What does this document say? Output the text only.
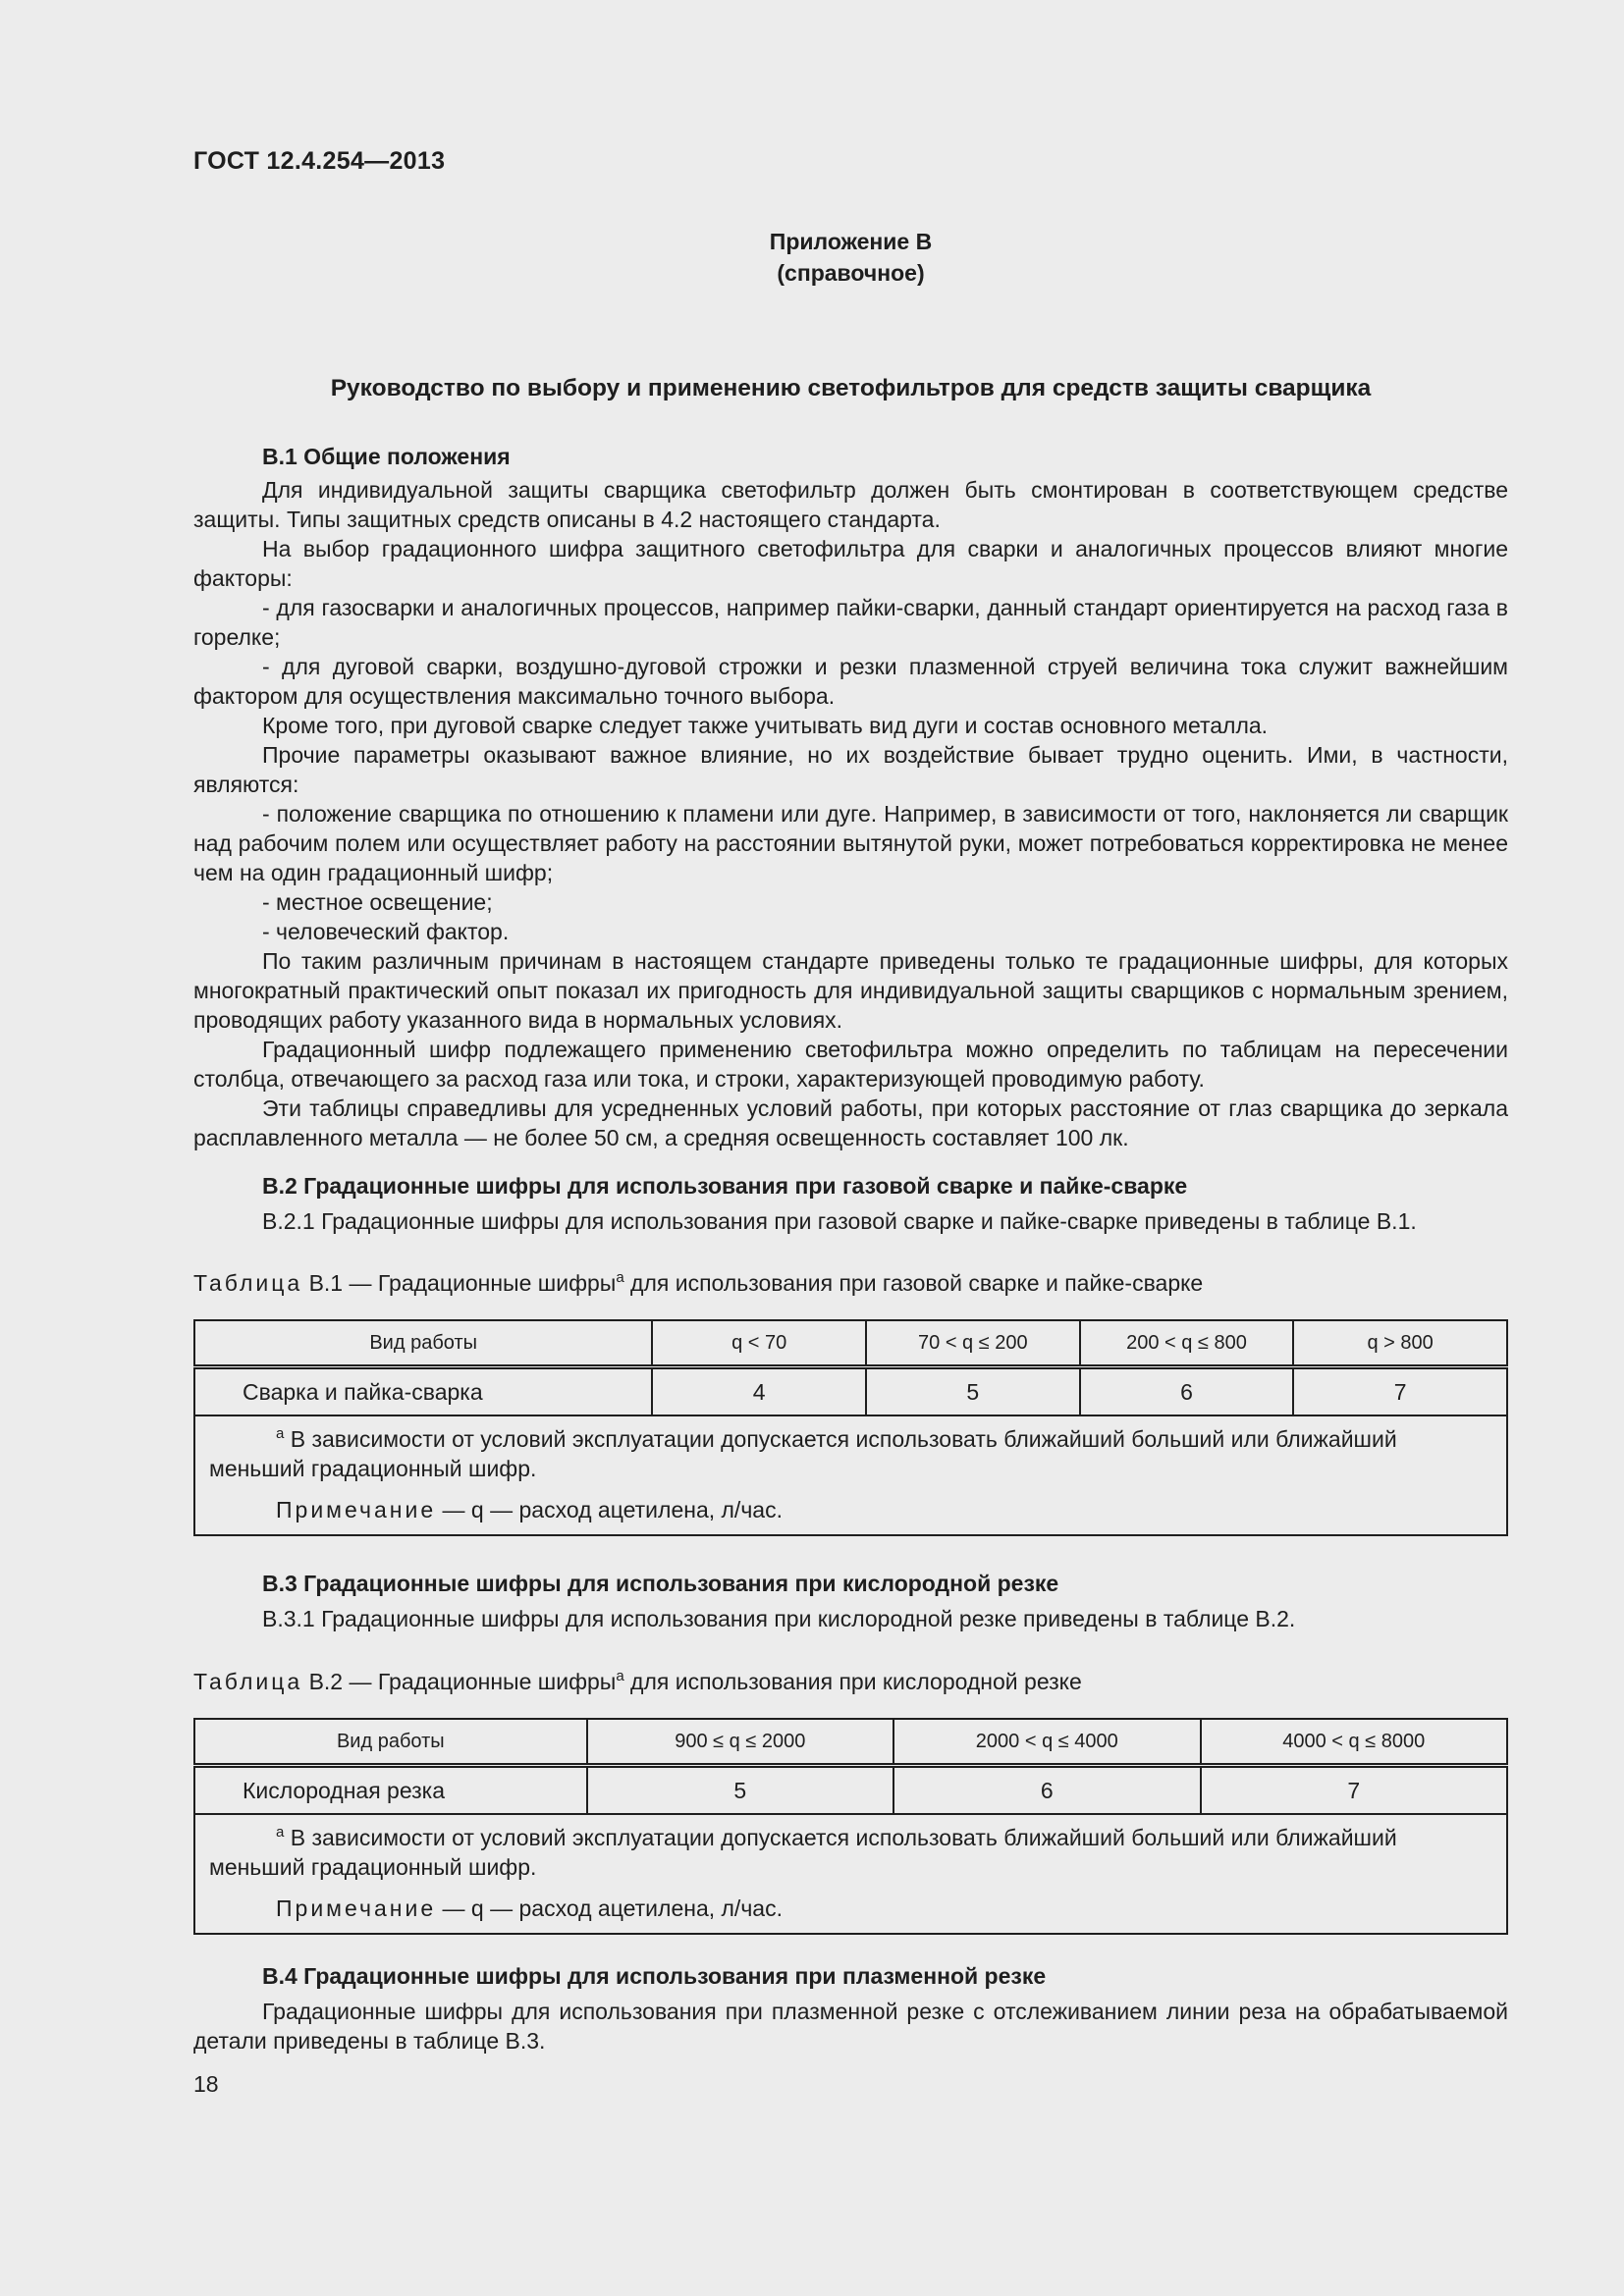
ГОСТ 12.4.254—2013
Приложение В
(справочное)
Руководство по выбору и применению светофильтров для средств защиты сварщика
В.1 Общие положения

Для индивидуальной защиты сварщика светофильтр должен быть смонтирован в соответствующем средстве защиты. Типы защитных средств описаны в 4.2 настоящего стандарта.

На выбор градационного шифра защитного светофильтра для сварки и аналогичных процессов влияют многие факторы:

- для газосварки и аналогичных процессов, например пайки-сварки, данный стандарт ориентируется на расход газа в горелке;

- для дуговой сварки, воздушно-дуговой строжки и резки плазменной струей величина тока служит важнейшим фактором для осуществления максимально точного выбора.

Кроме того, при дуговой сварке следует также учитывать вид дуги и состав основного металла.

Прочие параметры оказывают важное влияние, но их воздействие бывает трудно оценить. Ими, в частности, являются:

- положение сварщика по отношению к пламени или дуге. Например, в зависимости от того, наклоняется ли сварщик над рабочим полем или осуществляет работу на расстоянии вытянутой руки, может потребоваться корректировка не менее чем на один градационный шифр;

- местное освещение;

- человеческий фактор.

По таким различным причинам в настоящем стандарте приведены только те градационные шифры, для которых многократный практический опыт показал их пригодность для индивидуальной защиты сварщиков с нормальным зрением, проводящих работу указанного вида в нормальных условиях.

Градационный шифр подлежащего применению светофильтра можно определить по таблицам на пересечении столбца, отвечающего за расход газа или тока, и строки, характеризующей проводимую работу.

Эти таблицы справедливы для усредненных условий работы, при которых расстояние от глаз сварщика до зеркала расплавленного металла — не более 50 см, а средняя освещенность составляет 100 лк.

В.2 Градационные шифры для использования при газовой сварке и пайке-сварке

В.2.1 Градационные шифры для использования при газовой сварке и пайке-сварке приведены в таблице В.1.

Таблица В.1 — Градационные шифры$^а$ для использования при газовой сварке и пайке-сварке
Вид работы	q < 70	70 < q ≤ 200	200 < q ≤ 800	q > 800
Сварка и пайка-сварка	4	5	6	7

$^а$ В зависимости от условий эксплуатации допускается использовать ближайший больший или ближайший меньший градационный шифр.
Примечание — q — расход ацетилена, л/час.				
В.3 Градационные шифры для использования при кислородной резке

В.3.1 Градационные шифры для использования при кислородной резке приведены в таблице В.2.

Таблица В.2 — Градационные шифры$^а$ для использования при кислородной резке
Вид работы	900 ≤ q ≤ 2000	2000 < q ≤ 4000	4000 < q ≤ 8000
Кислородная резка	5	6	7

$^а$ В зависимости от условий эксплуатации допускается использовать ближайший больший или ближайший меньший градационный шифр.
Примечание — q — расход ацетилена, л/час.			
В.4 Градационные шифры для использования при плазменной резке

Градационные шифры для использования при плазменной резке с отслеживанием линии реза на обрабатываемой детали приведены в таблице В.3.

18
